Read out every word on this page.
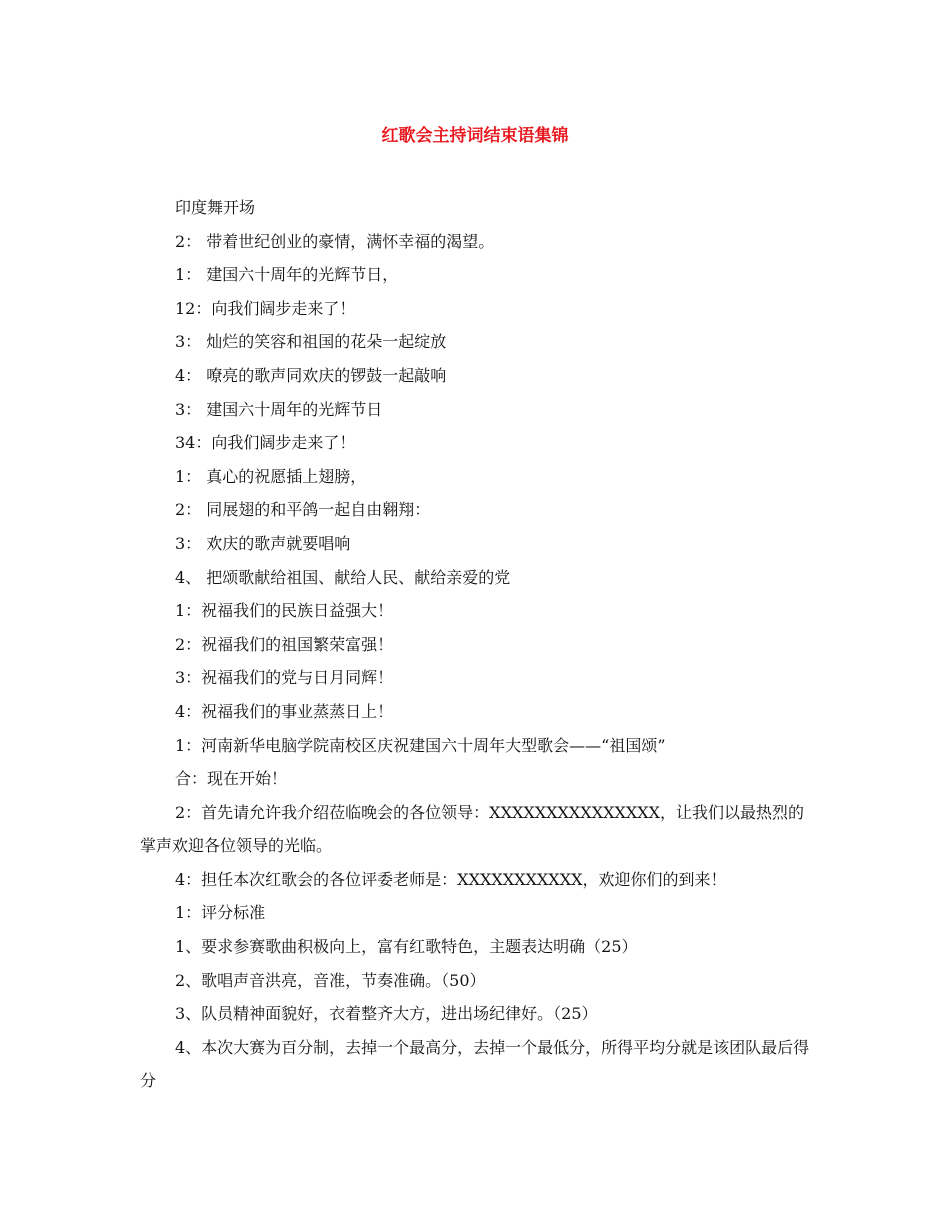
红歌会主持词结束语集锦

印度舞开场

2： 带着世纪创业的豪情，满怀幸福的渴望。

1： 建国六十周年的光辉节日，

12：向我们阔步走来了！

3： 灿烂的笑容和祖国的花朵一起绽放

4： 嘹亮的歌声同欢庆的锣鼓一起敲响

3： 建国六十周年的光辉节日

34：向我们阔步走来了！

1： 真心的祝愿插上翅膀，

2： 同展翅的和平鸽一起自由翱翔：

3： 欢庆的歌声就要唱响

4、 把颂歌献给祖国、献给人民、献给亲爱的党

1：祝福我们的民族日益强大！

2：祝福我们的祖国繁荣富强！

3：祝福我们的党与日月同辉！

4：祝福我们的事业蒸蒸日上！

1：河南新华电脑学院南校区庆祝建国六十周年大型歌会——“祖国颂”

合：现在开始！

2：首先请允许我介绍莅临晚会的各位领导：XXXXXXXXXXXXXXX，让我们以最热烈的掌声欢迎各位领导的光临。

4：担任本次红歌会的各位评委老师是：XXXXXXXXXXX，欢迎你们的到来！

1：评分标准

1、要求参赛歌曲积极向上，富有红歌特色，主题表达明确（25）

2、歌唱声音洪亮，音准，节奏准确。（50）

3、队员精神面貌好，衣着整齐大方，进出场纪律好。（25）

4、本次大赛为百分制，去掉一个最高分，去掉一个最低分，所得平均分就是该团队最后得分
